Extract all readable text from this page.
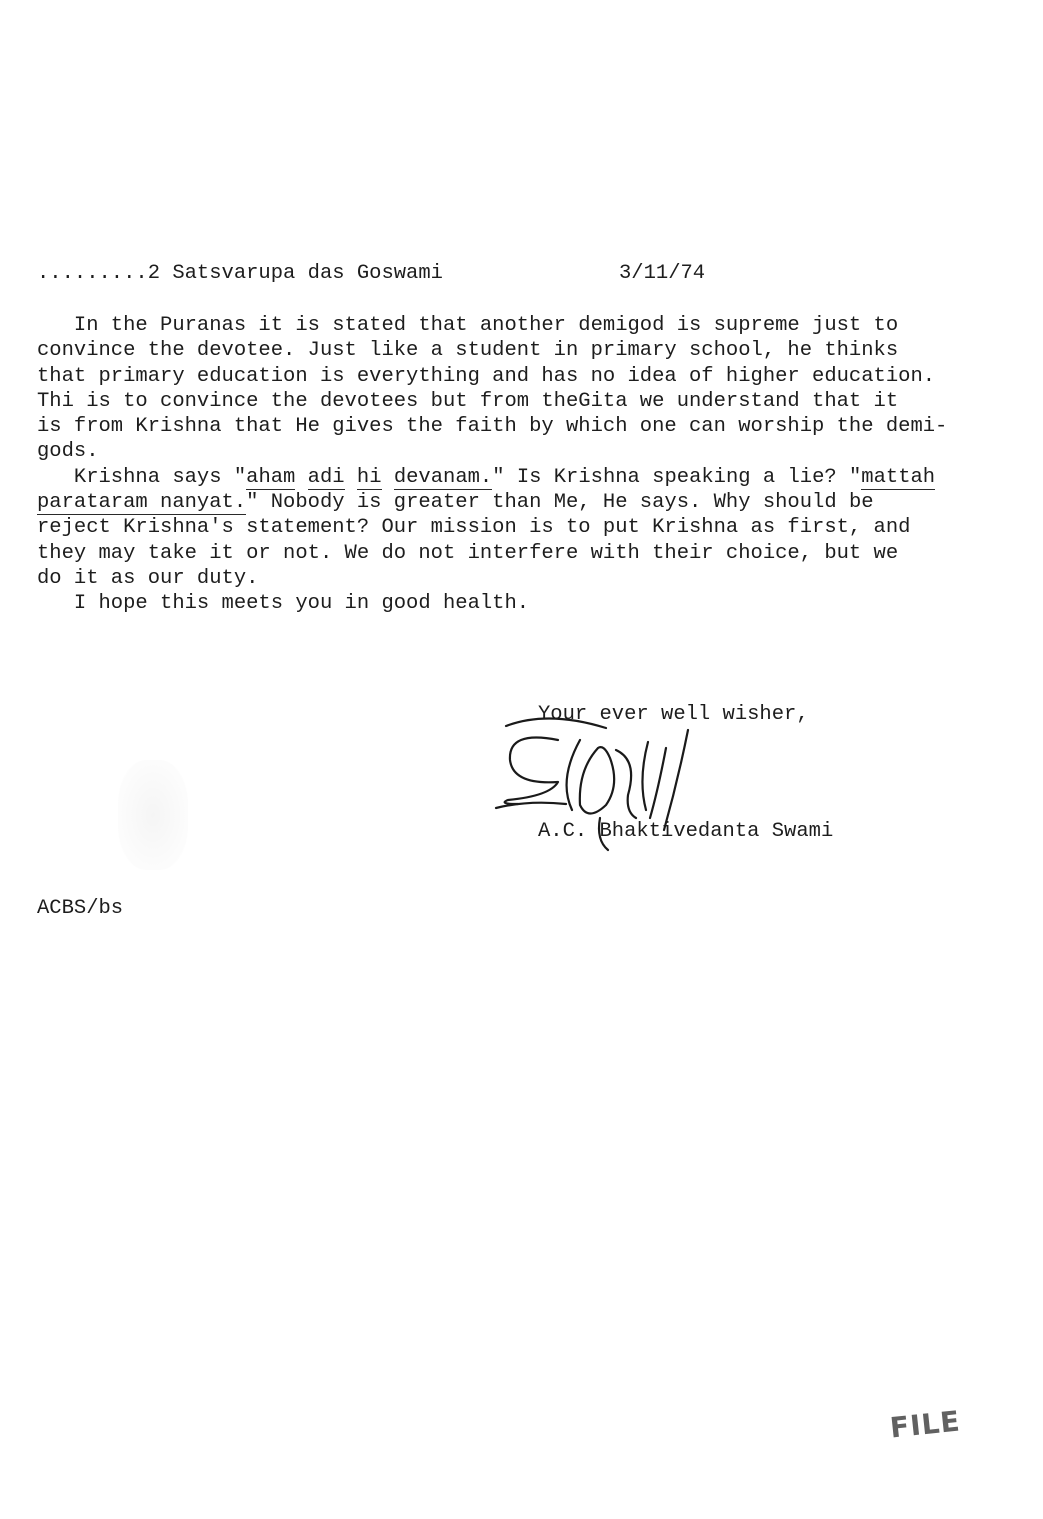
.........2 Satsvarupa das Goswami	3/11/74

In the Puranas it is stated that another demigod is supreme just to
convince the devotee. Just like a student in primary school, he thinks
that primary education is everything and has no idea of higher education.
Thi is to convince the devotees but from theGita we understand that it
is from Krishna that He gives the faith by which one can worship the demi-
gods.

Krishna says "aham adi hi devanam." Is Krishna speaking a lie? "mattah
parataram nanyat." Nobody is greater than Me, He says. Why should be
reject Krishna's statement? Our mission is to put Krishna as first, and
they may take it or not. We do not interfere with their choice, but we
do it as our duty.

I hope this meets you in good health.

Your ever well wisher,
A.C. Bhaktivedanta Swami
ACBS/bs
FILE
